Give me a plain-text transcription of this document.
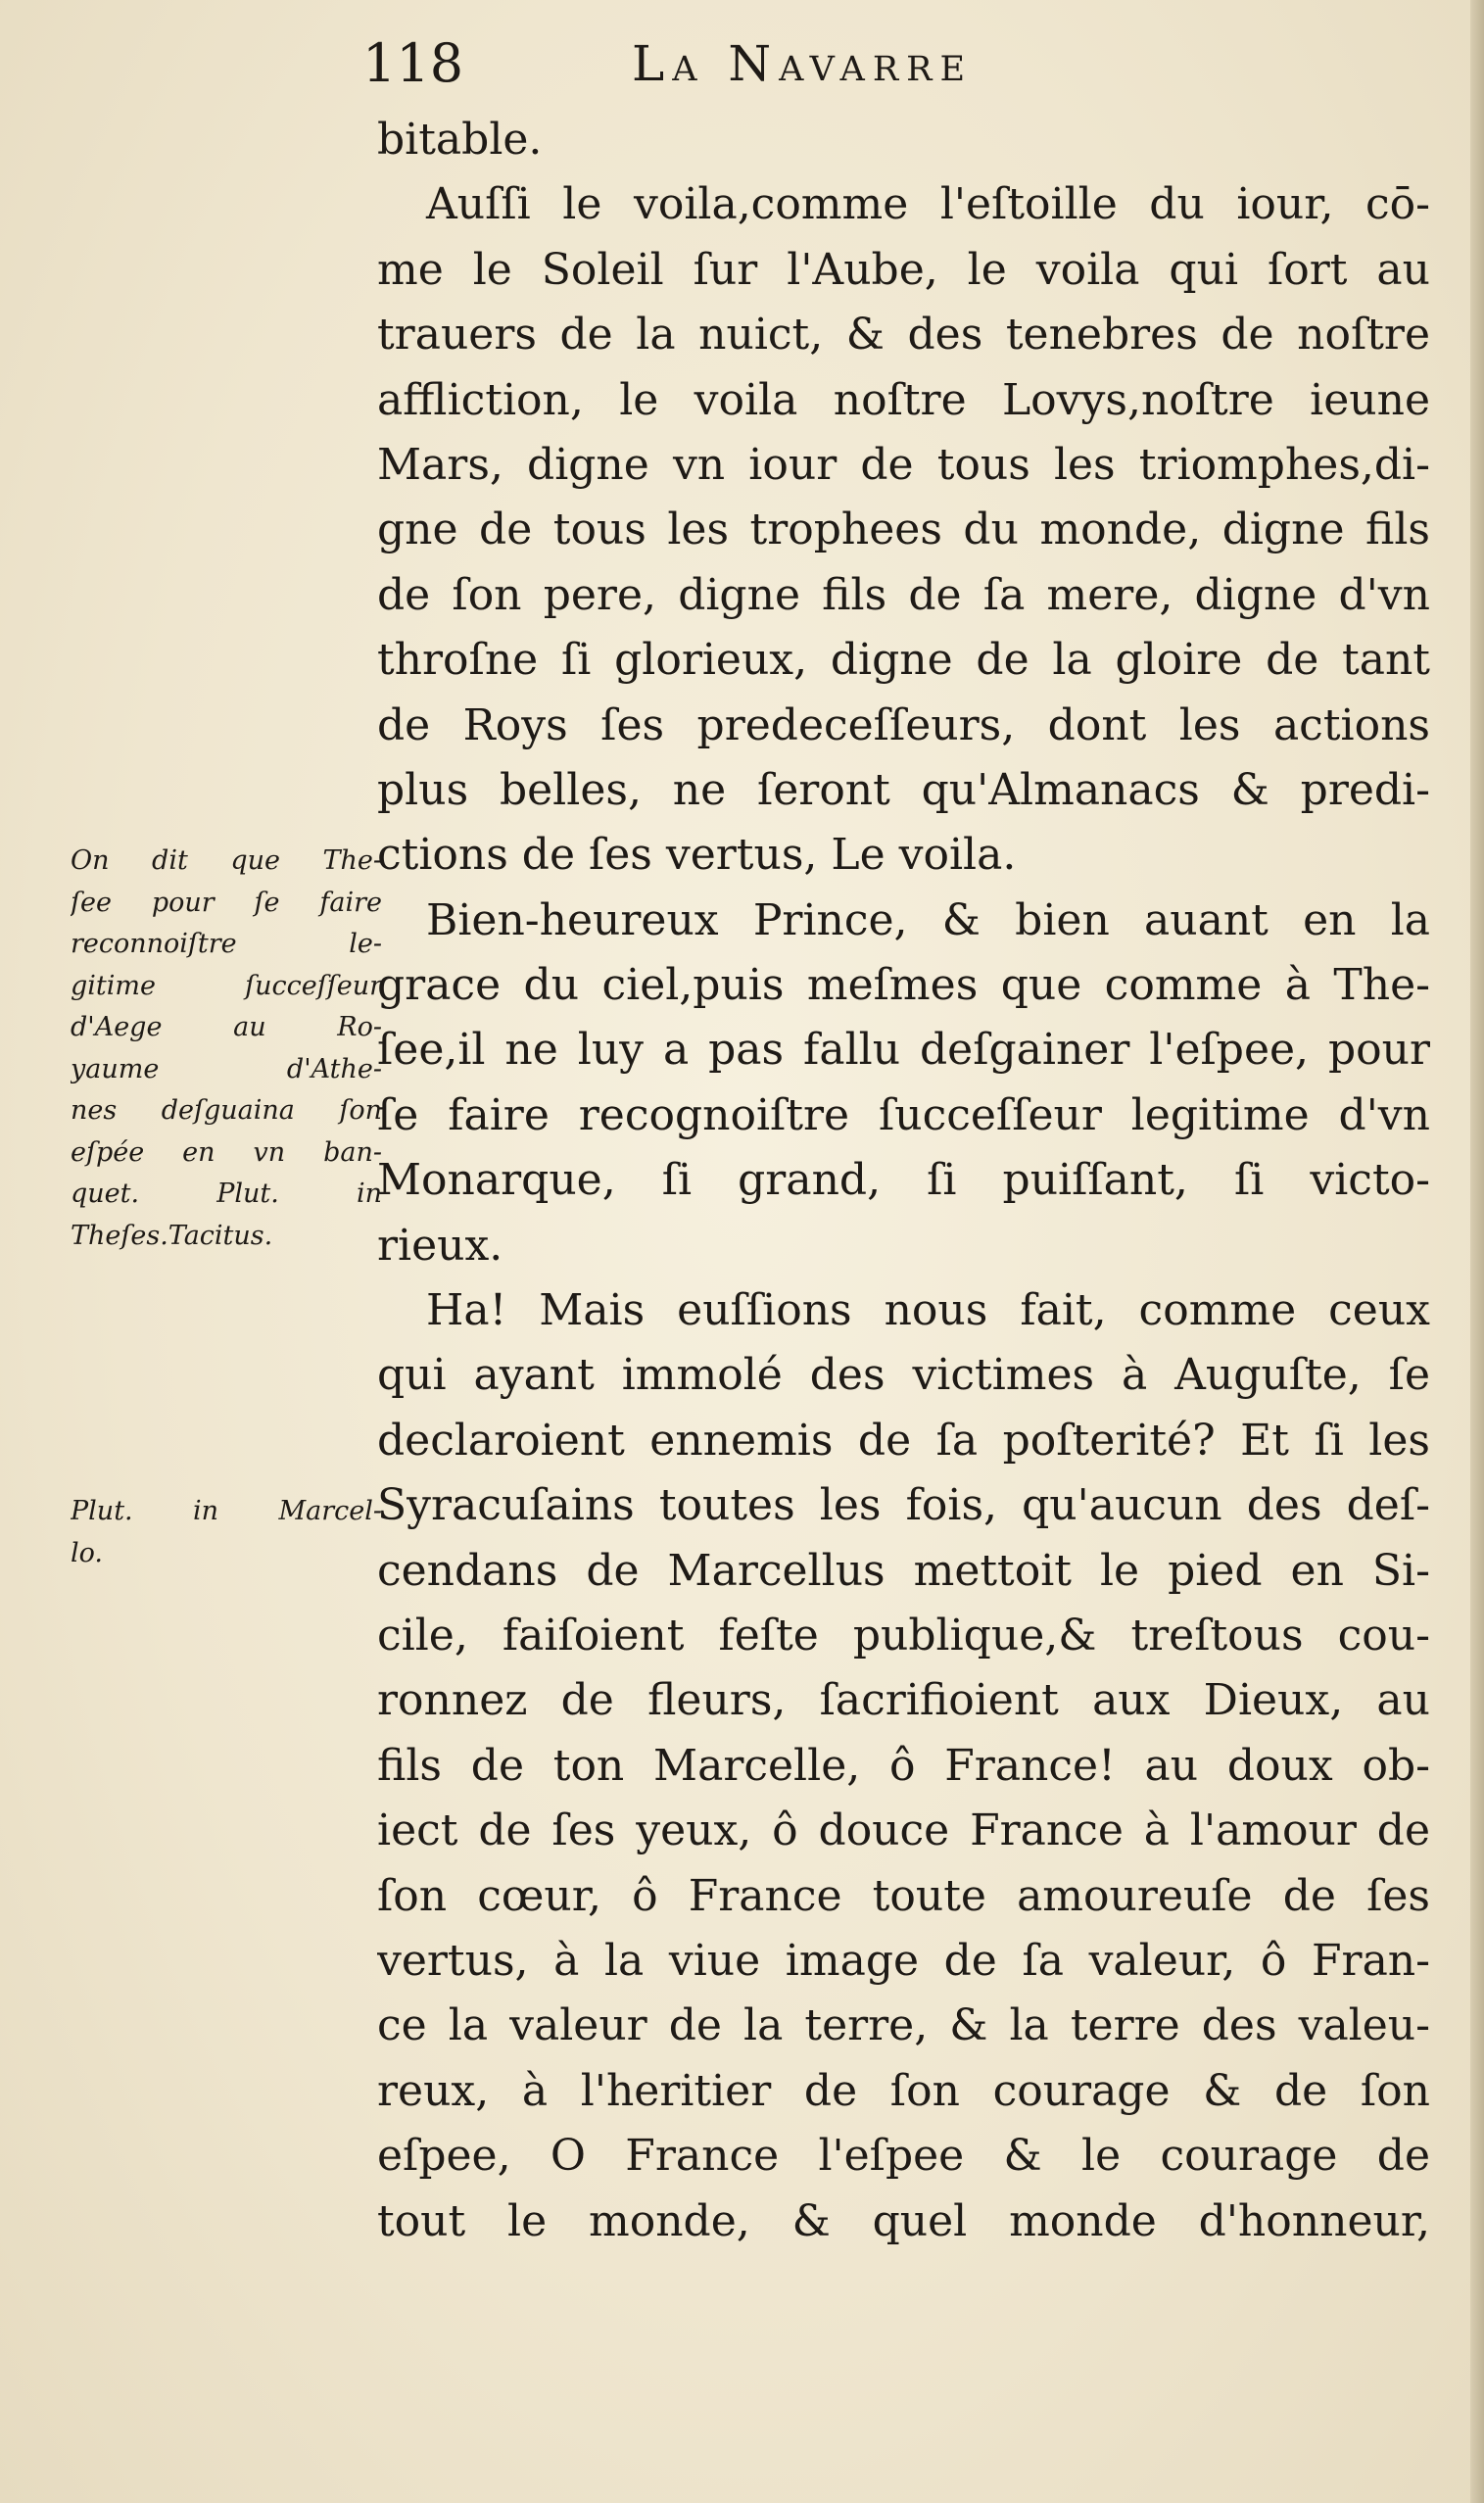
118	La Navarre
bitable.
Auſſi le voila,comme l'eſtoille du iour, cō-
me le Soleil ſur l'Aube, le voila qui ſort au
trauers de la nuict, & des tenebres de noſtre
affliction, le voila noſtre Lovys,noſtre ieune
Mars, digne vn iour de tous les triomphes,di-
gne de tous les trophees du monde, digne fils
de ſon pere, digne fils de ſa mere, digne d'vn
throſne ſi glorieux, digne de la gloire de tant
de Roys ſes predeceſſeurs, dont les actions
plus belles, ne ſeront qu'Almanacs & predi-
ctions de ſes vertus, Le voila.
Bien-heureux Prince, & bien auant en la
grace du ciel,puis meſmes que comme à The-
ſee,il ne luy a pas fallu deſgainer l'eſpee, pour
ſe faire recognoiſtre ſucceſſeur legitime d'vn
Monarque, ſi grand, ſi puiſſant, ſi victo-
rieux.
Ha! Mais euſſions nous fait, comme ceux
qui ayant immolé des victimes à Auguſte, ſe
declaroient ennemis de ſa poſterité? Et ſi les
Syracuſains toutes les fois, qu'aucun des deſ-
cendans de Marcellus mettoit le pied en Si-
cile, faiſoient feſte publique,& treſtous cou-
ronnez de fleurs, ſacrifioient aux Dieux, au
fils de ton Marcelle, ô France! au doux ob-
iect de ſes yeux, ô douce France à l'amour de
ſon cœur, ô France toute amoureuſe de ſes
vertus, à la viue image de ſa valeur, ô Fran-
ce la valeur de la terre, & la terre des valeu-
reux, à l'heritier de ſon courage & de ſon
eſpee, O France l'eſpee & le courage de
tout le monde, & quel monde d'honneur,
On dit que The-
ſee pour ſe faire
reconnoiſtre le-
gitime ſucceſſeur
d'Aege au Ro-
yaume d'Athe-
nes deſguaina ſon
eſpée en vn ban-
quet. Plut. in
Theſes.Tacitus.
Plut. in Marcel-
lo.
